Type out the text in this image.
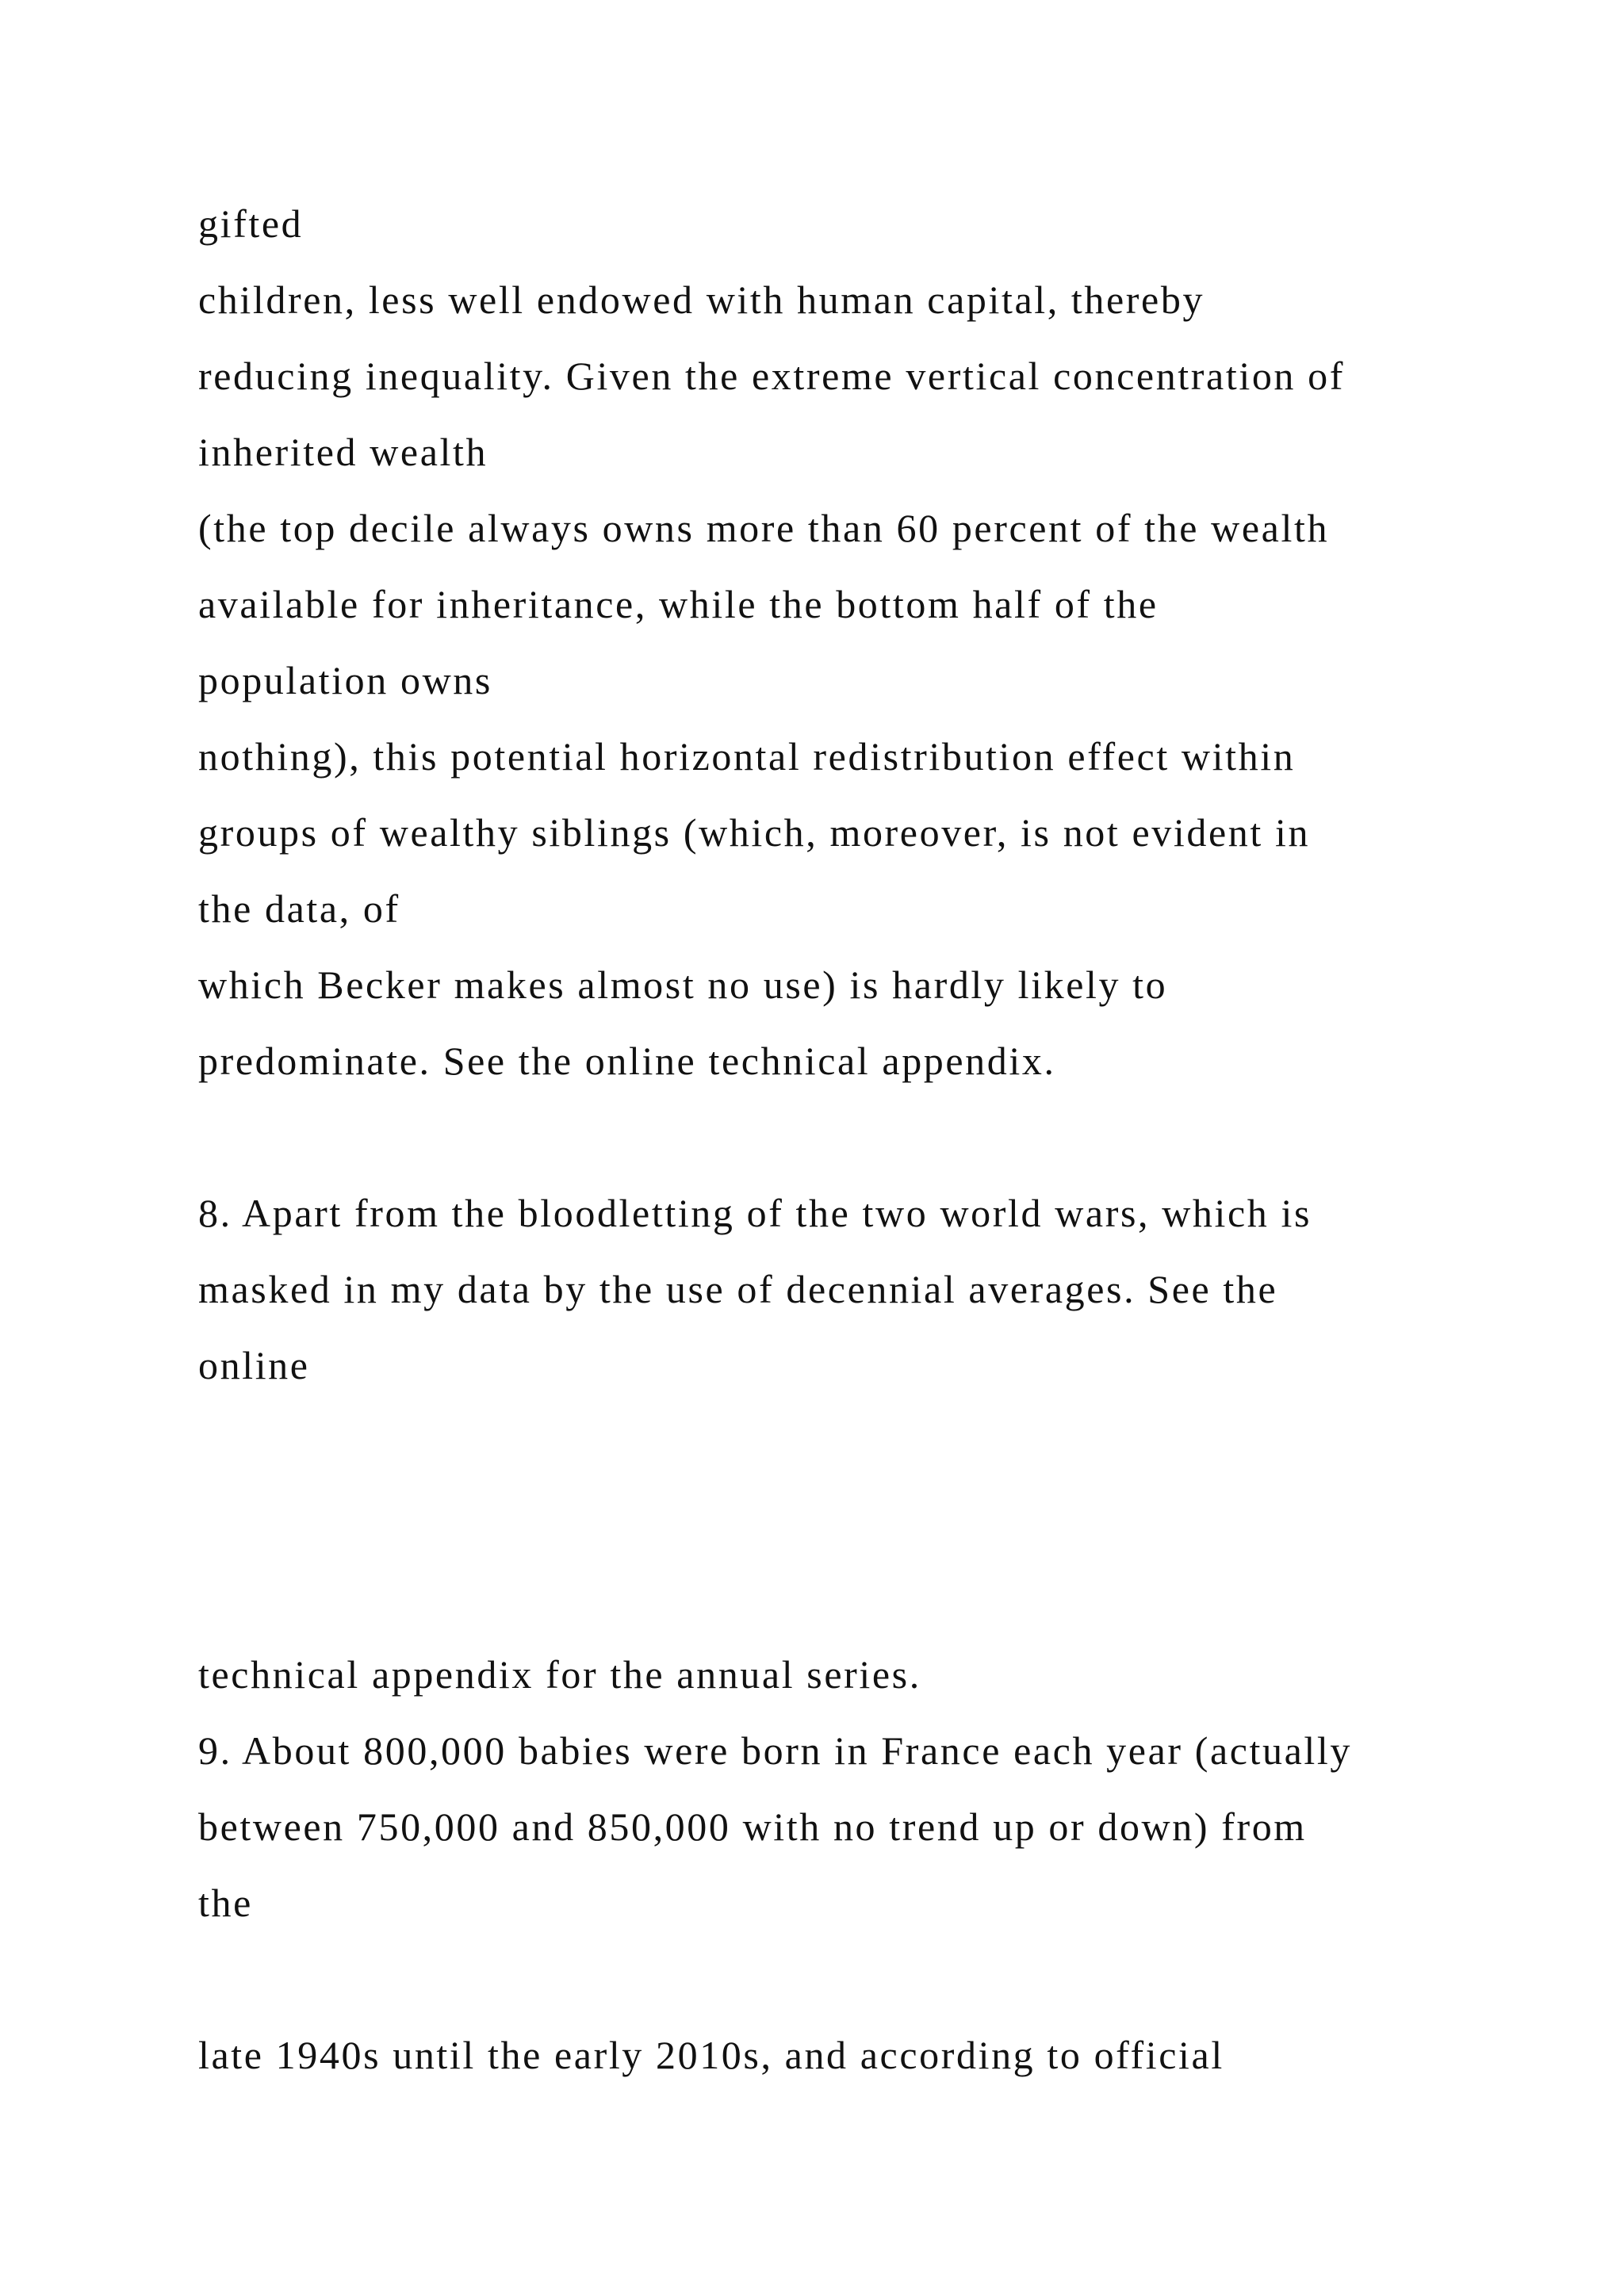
gifted

children, less well endowed with human capital, thereby

reducing inequality. Given the extreme vertical concentration of

inherited wealth

(the top decile always owns more than 60 percent of the wealth

available for inheritance, while the bottom half of the

population owns

nothing), this potential horizontal redistribution effect within

groups of wealthy siblings (which, moreover, is not evident in

the data, of

which Becker makes almost no use) is hardly likely to

predominate. See the online technical appendix.

8. Apart from the bloodletting of the two world wars, which is

masked in my data by the use of decennial averages. See the

online

technical appendix for the annual series.

9. About 800,000 babies were born in France each year (actually

between 750,000 and 850,000 with no trend up or down) from

the

late 1940s until the early 2010s, and according to official
